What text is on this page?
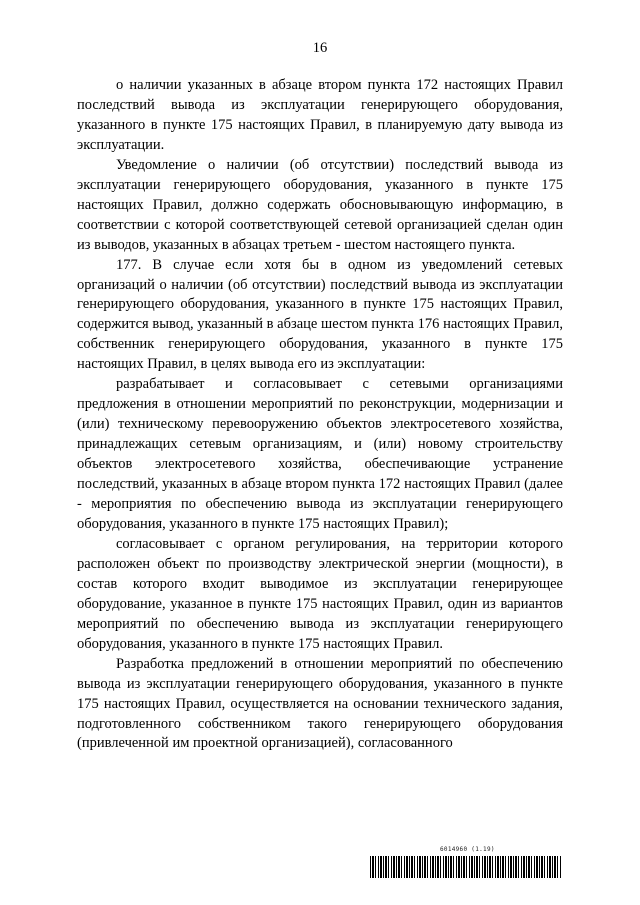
16

о наличии указанных в абзаце втором пункта 172 настоящих Правил последствий вывода из эксплуатации генерирующего оборудования, указанного в пункте 175 настоящих Правил, в планируемую дату вывода из эксплуатации.

Уведомление о наличии (об отсутствии) последствий вывода из эксплуатации генерирующего оборудования, указанного в пункте 175 настоящих Правил, должно содержать обосновывающую информацию, в соответствии с которой соответствующей сетевой организацией сделан один из выводов, указанных в абзацах третьем - шестом настоящего пункта.

177. В случае если хотя бы в одном из уведомлений сетевых организаций о наличии (об отсутствии) последствий вывода из эксплуатации генерирующего оборудования, указанного в пункте 175 настоящих Правил, содержится вывод, указанный в абзаце шестом пункта 176 настоящих Правил, собственник генерирующего оборудования, указанного в пункте 175 настоящих Правил, в целях вывода его из эксплуатации:

разрабатывает и согласовывает с сетевыми организациями предложения в отношении мероприятий по реконструкции, модернизации и (или) техническому перевооружению объектов электросетевого хозяйства, принадлежащих сетевым организациям, и (или) новому строительству объектов электросетевого хозяйства, обеспечивающие устранение последствий, указанных в абзаце втором пункта 172 настоящих Правил (далее - мероприятия по обеспечению вывода из эксплуатации генерирующего оборудования, указанного в пункте 175 настоящих Правил);

согласовывает с органом регулирования, на территории которого расположен объект по производству электрической энергии (мощности), в состав которого входит выводимое из эксплуатации генерирующее оборудование, указанное в пункте 175 настоящих Правил, один из вариантов мероприятий по обеспечению вывода из эксплуатации генерирующего оборудования, указанного в пункте 175 настоящих Правил.

Разработка предложений в отношении мероприятий по обеспечению вывода из эксплуатации генерирующего оборудования, указанного в пункте 175 настоящих Правил, осуществляется на основании технического задания, подготовленного собственником такого генерирующего оборудования (привлеченной им проектной организацией), согласованного

6014960 (1.19)
